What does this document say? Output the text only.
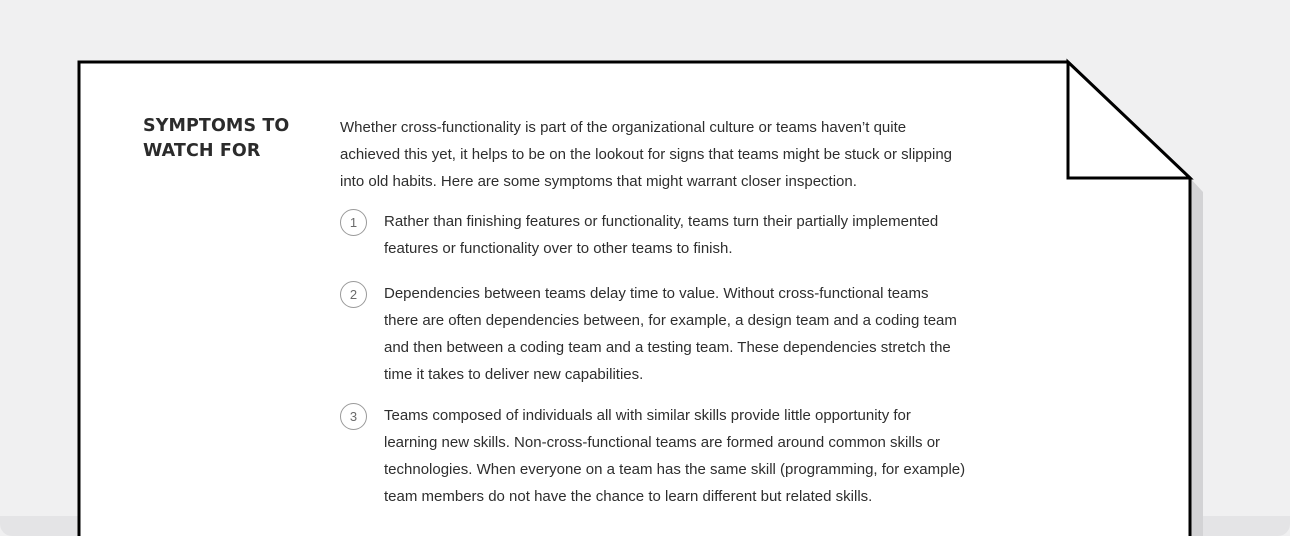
SYMPTOMS TO
WATCH FOR

Whether cross-functionality is part of the organizational culture or teams haven’t quite
achieved this yet, it helps to be on the lookout for signs that teams might be stuck or slipping
into old habits. Here are some symptoms that might warrant closer inspection.

1	Rather than finishing features or functionality, teams turn their partially implemented
features or functionality over to other teams to finish.

2	Dependencies between teams delay time to value. Without cross-functional teams
there are often dependencies between, for example, a design team and a coding team
and then between a coding team and a testing team. These dependencies stretch the
time it takes to deliver new capabilities.

3	Teams composed of individuals all with similar skills provide little opportunity for
learning new skills. Non-cross-functional teams are formed around common skills or
technologies. When everyone on a team has the same skill (programming, for example)
team members do not have the chance to learn different but related skills.
